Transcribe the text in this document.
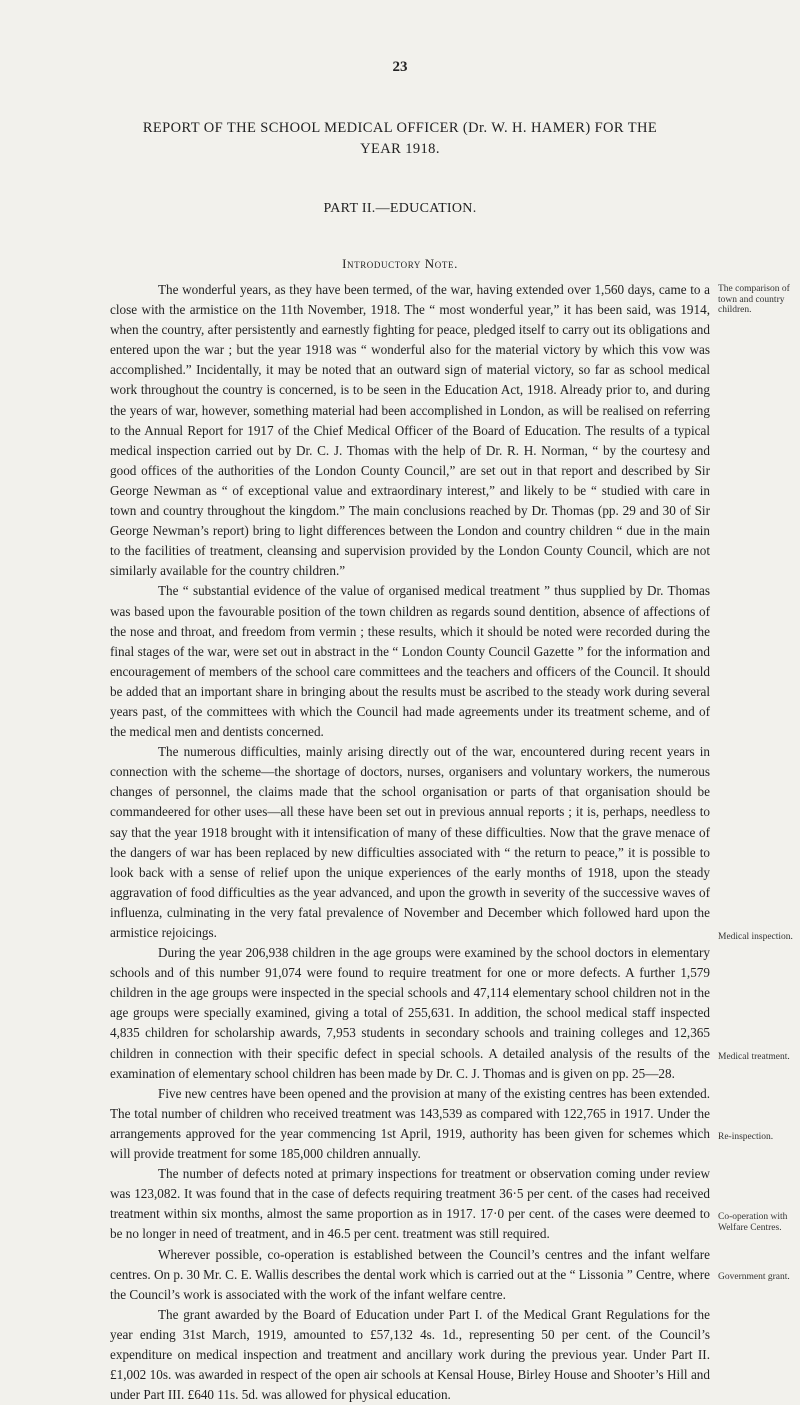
23
REPORT OF THE SCHOOL MEDICAL OFFICER (Dr. W. H. HAMER) FOR THE
YEAR 1918.
PART II.—EDUCATION.
Introductory Note.

The wonderful years, as they have been termed, of the war, having extended over 1,560 days, came to a close with the armistice on the 11th November, 1918. The “ most wonderful year,” it has been said, was 1914, when the country, after persistently and earnestly fighting for peace, pledged itself to carry out its obligations and entered upon the war ; but the year 1918 was “ wonderful also for the material victory by which this vow was accomplished.” Incidentally, it may be noted that an outward sign of material victory, so far as school medical work throughout the country is concerned, is to be seen in the Education Act, 1918. Already prior to, and during the years of war, however, something material had been accomplished in London, as will be realised on referring to the Annual Report for 1917 of the Chief Medical Officer of the Board of Education. The results of a typical medical inspection carried out by Dr. C. J. Thomas with the help of Dr. R. H. Norman, “ by the courtesy and good offices of the authorities of the London County Council,” are set out in that report and described by Sir George Newman as “ of exceptional value and extraordinary interest,” and likely to be “ studied with care in town and country throughout the kingdom.” The main conclusions reached by Dr. Thomas (pp. 29 and 30 of Sir George Newman’s report) bring to light differences between the London and country children “ due in the main to the facilities of treatment, cleansing and supervision provided by the London County Council, which are not similarly available for the country children.”

The “ substantial evidence of the value of organised medical treatment ” thus supplied by Dr. Thomas was based upon the favourable position of the town children as regards sound dentition, absence of affections of the nose and throat, and freedom from vermin ; these results, which it should be noted were recorded during the final stages of the war, were set out in abstract in the “ London County Council Gazette ” for the information and encouragement of members of the school care committees and the teachers and officers of the Council. It should be added that an important share in bringing about the results must be ascribed to the steady work during several years past, of the committees with which the Council had made agreements under its treatment scheme, and of the medical men and dentists concerned.

The numerous difficulties, mainly arising directly out of the war, encountered during recent years in connection with the scheme—the shortage of doctors, nurses, organisers and voluntary workers, the numerous changes of personnel, the claims made that the school organisation or parts of that organisation should be commandeered for other uses—all these have been set out in previous annual reports ; it is, perhaps, needless to say that the year 1918 brought with it intensification of many of these difficulties. Now that the grave menace of the dangers of war has been replaced by new difficulties associated with “ the return to peace,” it is possible to look back with a sense of relief upon the unique experiences of the early months of 1918, upon the steady aggravation of food difficulties as the year advanced, and upon the growth in severity of the successive waves of influenza, culminating in the very fatal prevalence of November and December which followed hard upon the armistice rejoicings.

During the year 206,938 children in the age groups were examined by the school doctors in elementary schools and of this number 91,074 were found to require treatment for one or more defects. A further 1,579 children in the age groups were inspected in the special schools and 47,114 elementary school children not in the age groups were specially examined, giving a total of 255,631. In addition, the school medical staff inspected 4,835 children for scholarship awards, 7,953 students in secondary schools and training colleges and 12,365 children in connection with their specific defect in special schools. A detailed analysis of the results of the examination of elementary school children has been made by Dr. C. J. Thomas and is given on pp. 25—28.

Five new centres have been opened and the provision at many of the existing centres has been extended. The total number of children who received treatment was 143,539 as compared with 122,765 in 1917. Under the arrangements approved for the year commencing 1st April, 1919, authority has been given for schemes which will provide treatment for some 185,000 children annually.

The number of defects noted at primary inspections for treatment or observation coming under review was 123,082. It was found that in the case of defects requiring treatment 36·5 per cent. of the cases had received treatment within six months, almost the same proportion as in 1917. 17·0 per cent. of the cases were deemed to be no longer in need of treatment, and in 46.5 per cent. treatment was still required.

Wherever possible, co-operation is established between the Council’s centres and the infant welfare centres. On p. 30 Mr. C. E. Wallis describes the dental work which is carried out at the “ Lissonia ” Centre, where the Council’s work is associated with the work of the infant welfare centre.

The grant awarded by the Board of Education under Part I. of the Medical Grant Regulations for the year ending 31st March, 1919, amounted to £57,132 4s. 1d., representing 50 per cent. of the Council’s expenditure on medical inspection and treatment and ancillary work during the previous year. Under Part II. £1,002 10s. was awarded in respect of the open air schools at Kensal House, Birley House and Shooter’s Hill and under Part III. £640 11s. 5d. was allowed for physical education.

The comparison of town and country children.
Medical inspection.
Medical treatment.
Re-inspection.
Co-operation with Welfare Centres.
Government grant.
